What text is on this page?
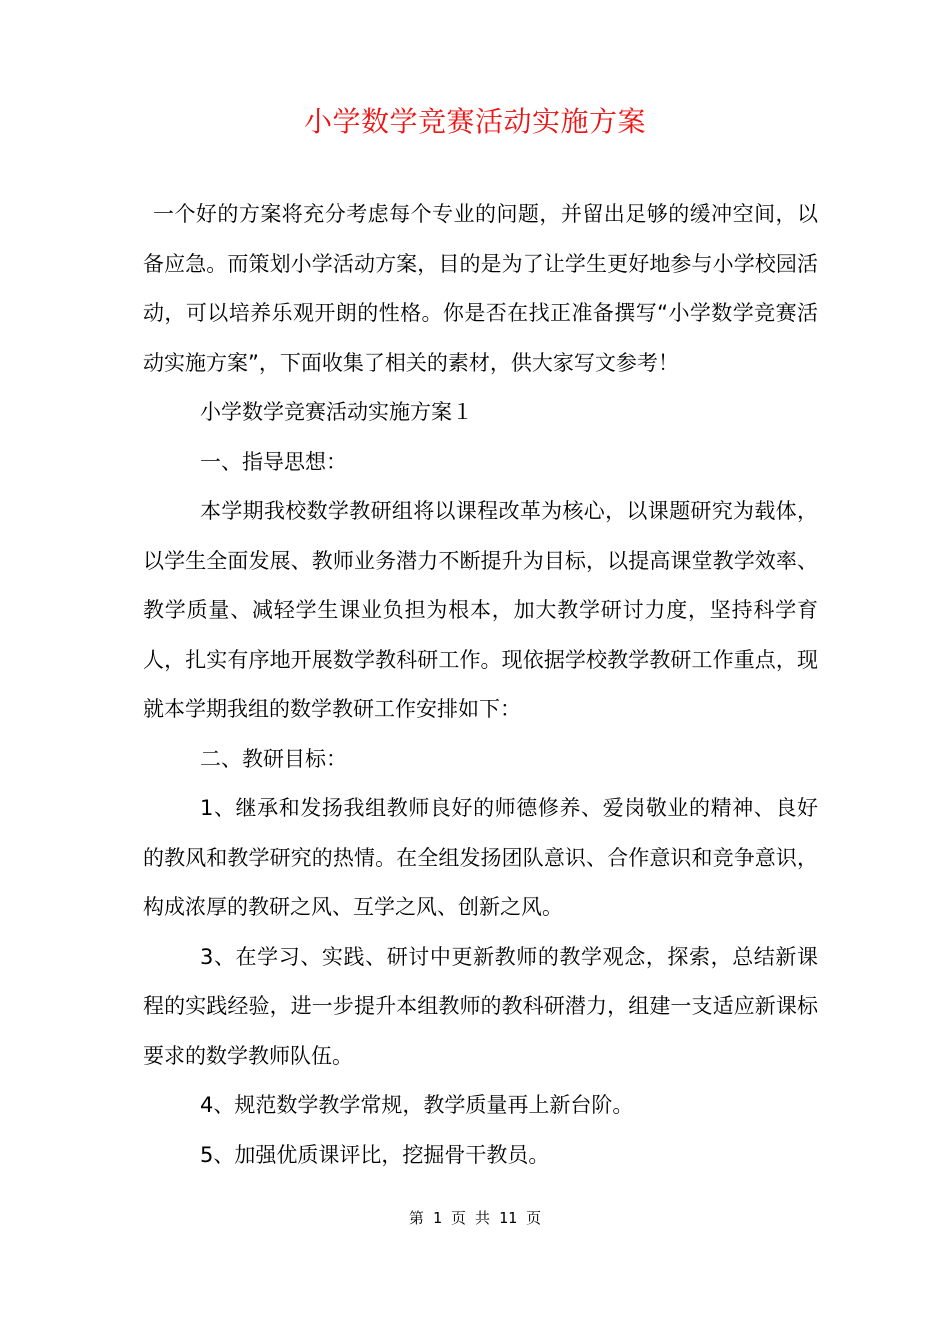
小学数学竞赛活动实施方案

一个好的方案将充分考虑每个专业的问题，并留出足够的缓冲空间，以备应急。而策划小学活动方案，目的是为了让学生更好地参与小学校园活动，可以培养乐观开朗的性格。你是否在找正准备撰写“小学数学竞赛活动实施方案”，下面收集了相关的素材，供大家写文参考！

小学数学竞赛活动实施方案１

一、指导思想：

本学期我校数学教研组将以课程改革为核心，以课题研究为载体，以学生全面发展、教师业务潜力不断提升为目标，以提高课堂教学效率、教学质量、减轻学生课业负担为根本，加大教学研讨力度，坚持科学育人，扎实有序地开展数学教科研工作。现依据学校教学教研工作重点，现就本学期我组的数学教研工作安排如下：

二、教研目标：

1、继承和发扬我组教师良好的师德修养、爱岗敬业的精神、良好的教风和教学研究的热情。在全组发扬团队意识、合作意识和竞争意识，构成浓厚的教研之风、互学之风、创新之风。

3、在学习、实践、研讨中更新教师的教学观念，探索，总结新课程的实践经验，进一步提升本组教师的教科研潜力，组建一支适应新课标要求的数学教师队伍。

4、规范数学教学常规，教学质量再上新台阶。

5、加强优质课评比，挖掘骨干教员。

第 1 页 共 11 页
